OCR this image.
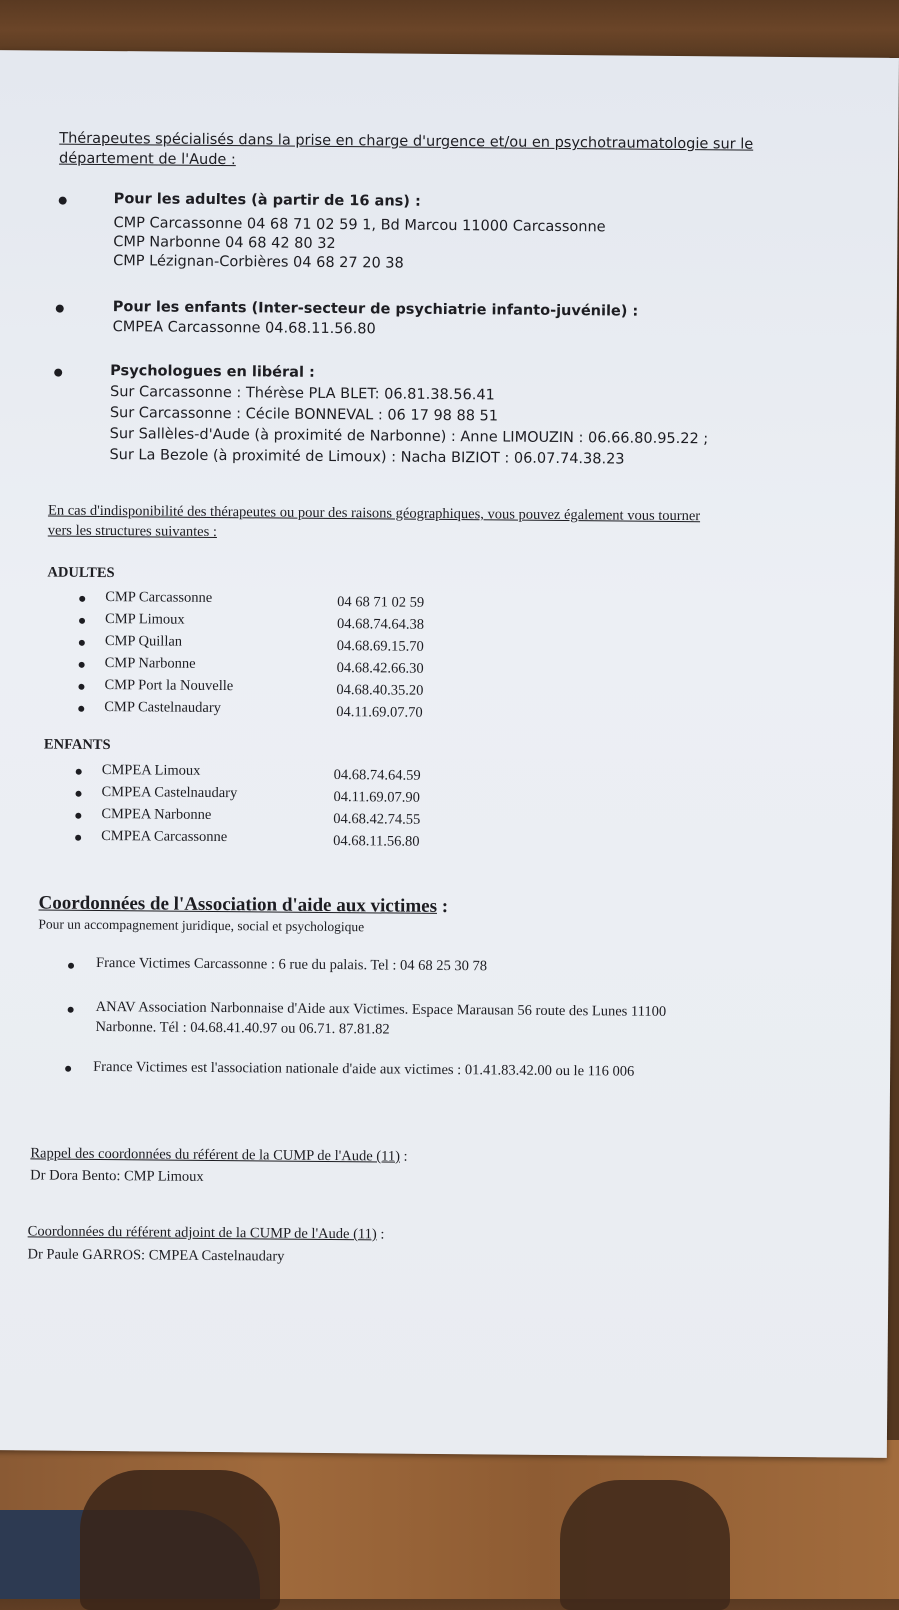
Thérapeutes spécialisés dans la prise en charge d'urgence et/ou en psychotraumatologie sur le
département de l'Aude :
Pour les adultes (à partir de 16 ans) :
CMP Carcassonne 04 68 71 02 59 1, Bd Marcou 11000 Carcassonne
CMP Narbonne 04 68 42 80 32
CMP Lézignan-Corbières 04 68 27 20 38
Pour les enfants (Inter-secteur de psychiatrie infanto-juvénile) :
CMPEA Carcassonne 04.68.11.56.80
Psychologues en libéral :
Sur Carcassonne : Thérèse PLA BLET: 06.81.38.56.41
Sur Carcassonne : Cécile BONNEVAL : 06 17 98 88 51
Sur Sallèles-d'Aude (à proximité de Narbonne) : Anne LIMOUZIN : 06.66.80.95.22 ;
Sur La Bezole (à proximité de Limoux) : Nacha BIZIOT : 06.07.74.38.23
En cas d'indisponibilité des thérapeutes ou pour des raisons géographiques, vous pouvez également vous tourner
vers les structures suivantes :
ADULTES
CMP Carcassonne	04 68 71 02 59
CMP Limoux	04.68.74.64.38
CMP Quillan	04.68.69.15.70
CMP Narbonne	04.68.42.66.30
CMP Port la Nouvelle	04.68.40.35.20
CMP Castelnaudary	04.11.69.07.70
ENFANTS
CMPEA Limoux	04.68.74.64.59
CMPEA Castelnaudary	04.11.69.07.90
CMPEA Narbonne	04.68.42.74.55
CMPEA Carcassonne	04.68.11.56.80
Coordonnées de l'Association d'aide aux victimes :
Pour un accompagnement juridique, social et psychologique
France Victimes Carcassonne : 6 rue du palais. Tel : 04 68 25 30 78
ANAV Association Narbonnaise d'Aide aux Victimes. Espace Marausan 56 route des Lunes 11100
Narbonne. Tél : 04.68.41.40.97 ou 06.71. 87.81.82
France Victimes est l'association nationale d'aide aux victimes : 01.41.83.42.00 ou le 116 006
Rappel des coordonnées du référent de la CUMP de l'Aude (11) :
Dr Dora Bento: CMP Limoux
Coordonnées du référent adjoint de la CUMP de l'Aude (11) :
Dr Paule GARROS: CMPEA Castelnaudary
